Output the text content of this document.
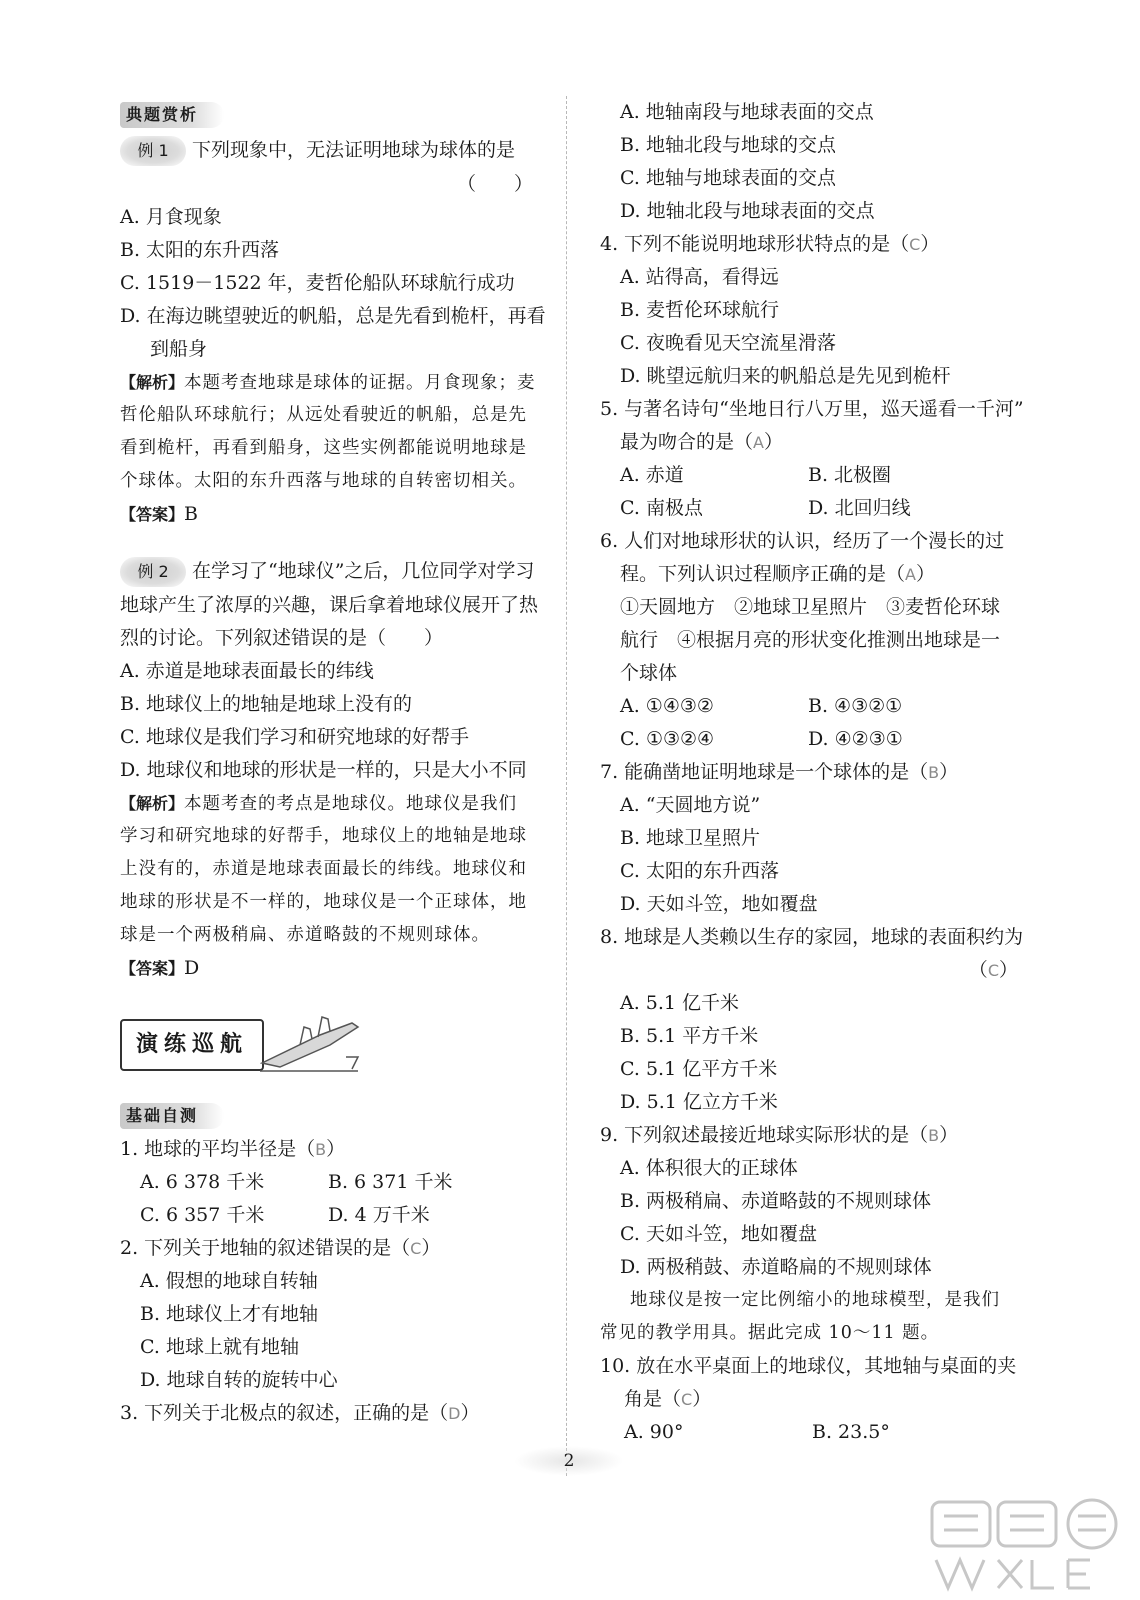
典题赏析
例 1 下列现象中，无法证明地球为球体的是
（　　）
A. 月食现象
B. 太阳的东升西落
C. 1519－1522 年，麦哲伦船队环球航行成功
D. 在海边眺望驶近的帆船，总是先看到桅杆，再看
到船身
【解析】本题考查地球是球体的证据。月食现象；麦
哲伦船队环球航行；从远处看驶近的帆船，总是先
看到桅杆，再看到船身，这些实例都能说明地球是
个球体。太阳的东升西落与地球的自转密切相关。
【答案】B
例 2 在学习了“地球仪”之后，几位同学对学习
地球产生了浓厚的兴趣，课后拿着地球仪展开了热
烈的讨论。下列叙述错误的是（　　）
A. 赤道是地球表面最长的纬线
B. 地球仪上的地轴是地球上没有的
C. 地球仪是我们学习和研究地球的好帮手
D. 地球仪和地球的形状是一样的，只是大小不同
【解析】本题考查的考点是地球仪。地球仪是我们
学习和研究地球的好帮手，地球仪上的地轴是地球
上没有的，赤道是地球表面最长的纬线。地球仪和
地球的形状是不一样的，地球仪是一个正球体，地
球是一个两极稍扁、赤道略鼓的不规则球体。
【答案】D
演练巡航
基础自测
1. 地球的平均半径是（B）
A. 6 378 千米	B. 6 371 千米
C. 6 357 千米	D. 4 万千米
2. 下列关于地轴的叙述错误的是（C）
A. 假想的地球自转轴
B. 地球仪上才有地轴
C. 地球上就有地轴
D. 地球自转的旋转中心
3. 下列关于北极点的叙述，正确的是（D）
A. 地轴南段与地球表面的交点
B. 地轴北段与地球的交点
C. 地轴与地球表面的交点
D. 地轴北段与地球表面的交点
4. 下列不能说明地球形状特点的是（C）
A. 站得高，看得远
B. 麦哲伦环球航行
C. 夜晚看见天空流星滑落
D. 眺望远航归来的帆船总是先见到桅杆
5. 与著名诗句“坐地日行八万里，巡天遥看一千河”
最为吻合的是（A）
A. 赤道	B. 北极圈
C. 南极点	D. 北回归线
6. 人们对地球形状的认识，经历了一个漫长的过
程。下列认识过程顺序正确的是（A）
①天圆地方　②地球卫星照片　③麦哲伦环球
航行　④根据月亮的形状变化推测出地球是一
个球体
A. ①④③②	B. ④③②①
C. ①③②④	D. ④②③①
7. 能确凿地证明地球是一个球体的是（B）
A. “天圆地方说”
B. 地球卫星照片
C. 太阳的东升西落
D. 天如斗笠，地如覆盘
8. 地球是人类赖以生存的家园，地球的表面积约为
（C）
A. 5.1 亿千米
B. 5.1 平方千米
C. 5.1 亿平方千米
D. 5.1 亿立方千米
9. 下列叙述最接近地球实际形状的是（B）
A. 体积很大的正球体
B. 两极稍扁、赤道略鼓的不规则球体
C. 天如斗笠，地如覆盘
D. 两极稍鼓、赤道略扁的不规则球体
地球仪是按一定比例缩小的地球模型，是我们
常见的教学用具。据此完成 10～11 题。
10. 放在水平桌面上的地球仪，其地轴与桌面的夹
角是（C）
A. 90°	B. 23.5°
2
